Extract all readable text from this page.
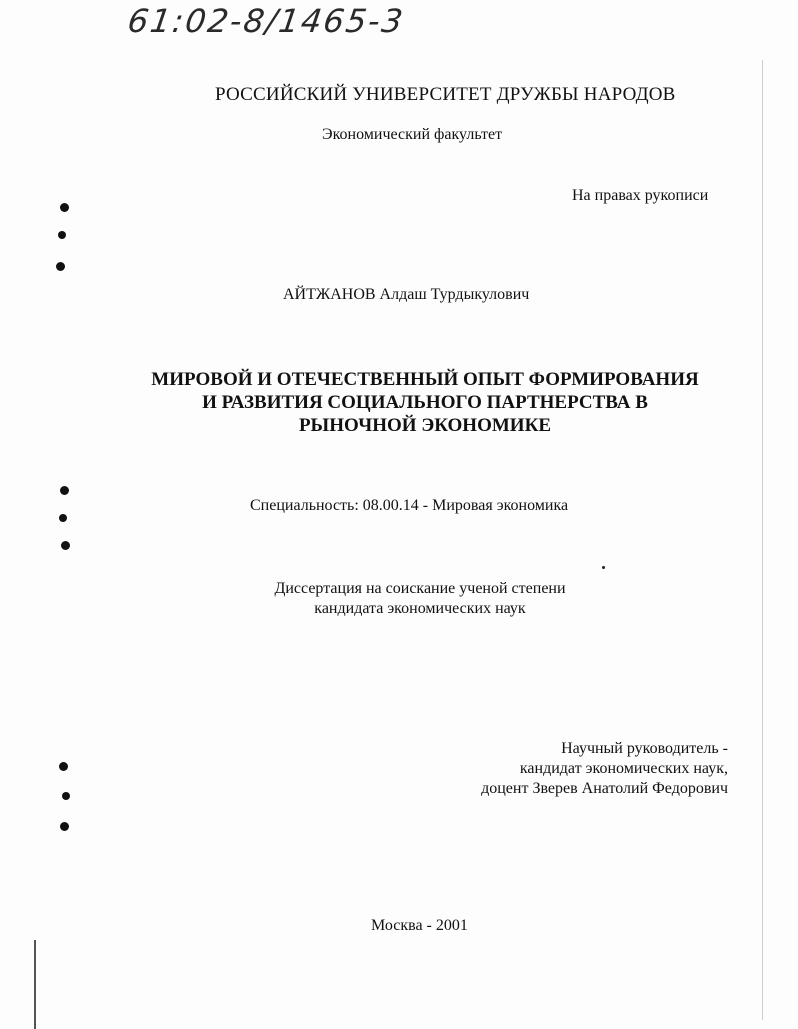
61:02-8/1465-3
РОССИЙСКИЙ УНИВЕРСИТЕТ ДРУЖБЫ НАРОДОВ
Экономический факультет
На правах рукописи
АЙТЖАНОВ Алдаш Турдыкулович
МИРОВОЙ И ОТЕЧЕСТВЕННЫЙ ОПЫТ ФОРМИРОВАНИЯ
И РАЗВИТИЯ СОЦИАЛЬНОГО ПАРТНЕРСТВА В
РЫНОЧНОЙ ЭКОНОМИКЕ
Специальность: 08.00.14 - Мировая экономика
Диссертация на соискание ученой степени
кандидата экономических наук
Научный руководитель -
кандидат экономических наук,
доцент Зверев Анатолий Федорович
Москва - 2001
